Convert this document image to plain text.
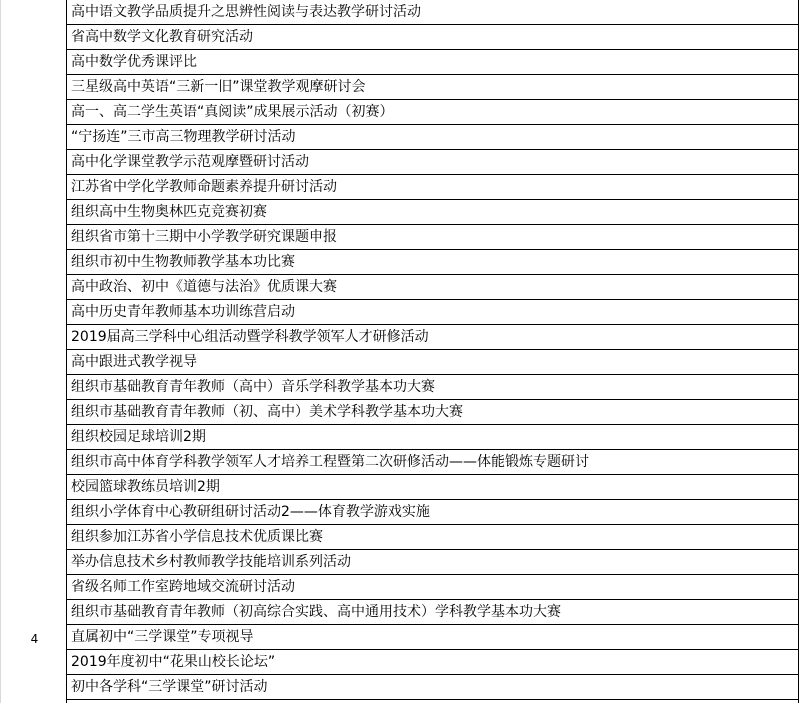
4
高中语文教学品质提升之思辨性阅读与表达教学研讨活动
省高中数学文化教育研究活动
高中数学优秀课评比
三星级高中英语“三新一旧”课堂教学观摩研讨会
高一、高二学生英语“真阅读”成果展示活动（初赛）
“宁扬连”三市高三物理教学研讨活动
高中化学课堂教学示范观摩暨研讨活动
江苏省中学化学教师命题素养提升研讨活动
组织高中生物奥林匹克竞赛初赛
组织省市第十三期中小学教学研究课题申报
组织市初中生物教师教学基本功比赛
高中政治、初中《道德与法治》优质课大赛
高中历史青年教师基本功训练营启动
2019届高三学科中心组活动暨学科教学领军人才研修活动
高中跟进式教学视导
组织市基础教育青年教师（高中）音乐学科教学基本功大赛
组织市基础教育青年教师（初、高中）美术学科教学基本功大赛
组织校园足球培训2期
组织市高中体育学科教学领军人才培养工程暨第二次研修活动——体能锻炼专题研讨
校园篮球教练员培训2期
组织小学体育中心教研组研讨活动2——体育教学游戏实施
组织参加江苏省小学信息技术优质课比赛
举办信息技术乡村教师教学技能培训系列活动
省级名师工作室跨地域交流研讨活动
组织市基础教育青年教师（初高综合实践、高中通用技术）学科教学基本功大赛
直属初中“三学课堂”专项视导
2019年度初中“花果山校长论坛”
初中各学科“三学课堂”研讨活动
